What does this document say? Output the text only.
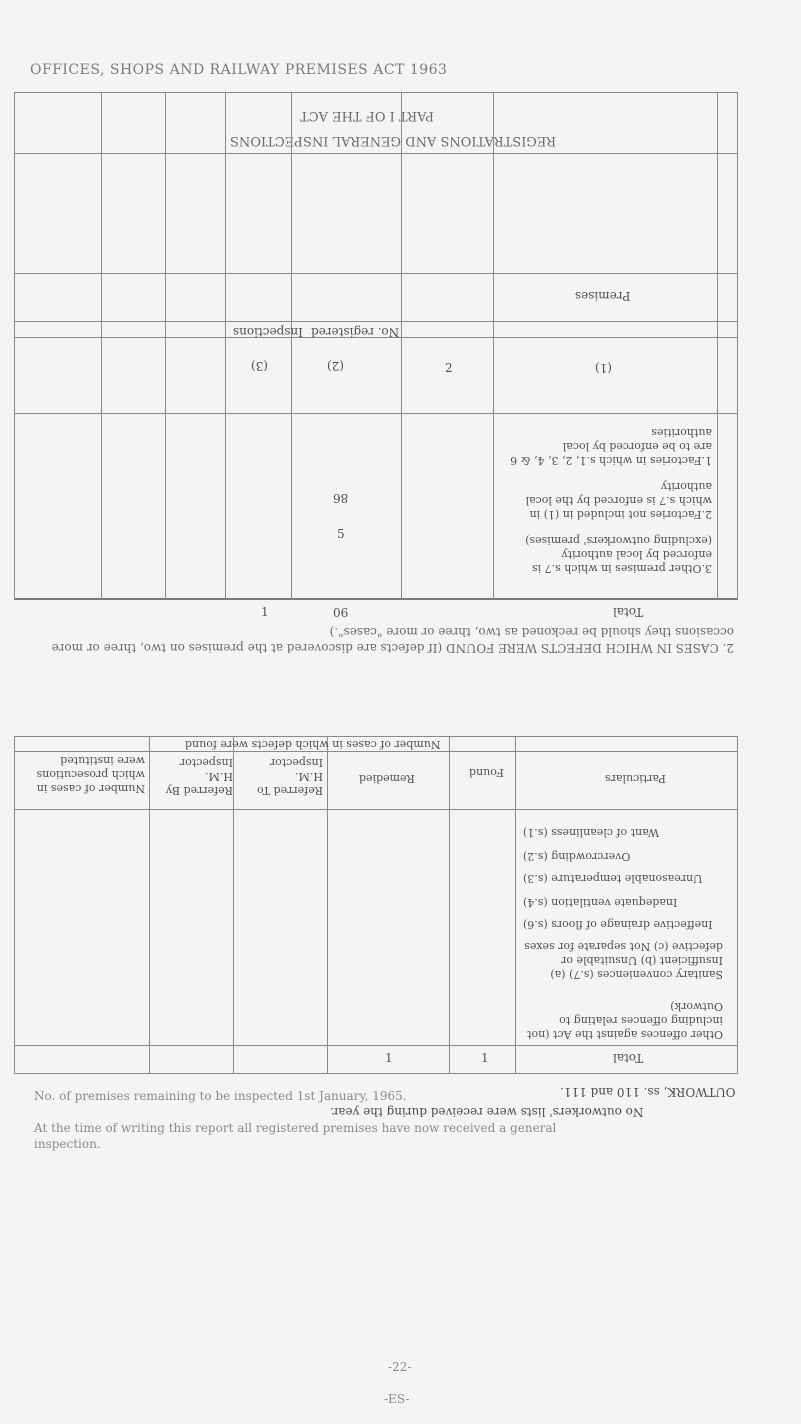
OFFICES, SHOPS AND RAILWAY PREMISES ACT 1963
PART I OF THE ACT
REGISTRATIONS AND GENERAL INSPECTIONS
Premises
(1)
2
No. registered
(2)
Inspections
(3)
1.Factories in which s.1, 2, 3, 4, & 6 are to be enforced by local authorities
2.Factories not included in (1) in which s.7 is enforced by the local authority
86
3.Other premises in which s.7 is enforced by local authority (excluding outworkers' premises)
5
Total
90
1
2. CASES IN WHICH DEFECTS WERE FOUND (If defects are discovered at the premises on two, three or more occasions they should be reckoned as two, three or more "cases".)
Number of cases in which defects were found
Particulars
Found
Remedied
Referred To H.M. Inspector
Referred By H.M. Inspector
Number of cases in which prosecutions were instituted
Want of cleanliness (s.1)
Overcrowding (s.2)
Unreasonable temperature (s.3)
Inadequate ventilation (s.4)
Ineffective drainage of floors (s.6)
Sanitary conveniences (s.7) (a) Insufficient (b) Unsuitable or defective (c) Not separate for sexes
Other offences against the Act (not including offences relating to Outwork)
Total
1
1
OUTWORK, ss. 110 and 111.
No outworkers' lists were received during the year.
No. of premises remaining to be inspected 1st January, 1965.
At the time of writing this report all registered premises have now received a general inspection.
-22-
-ES-
